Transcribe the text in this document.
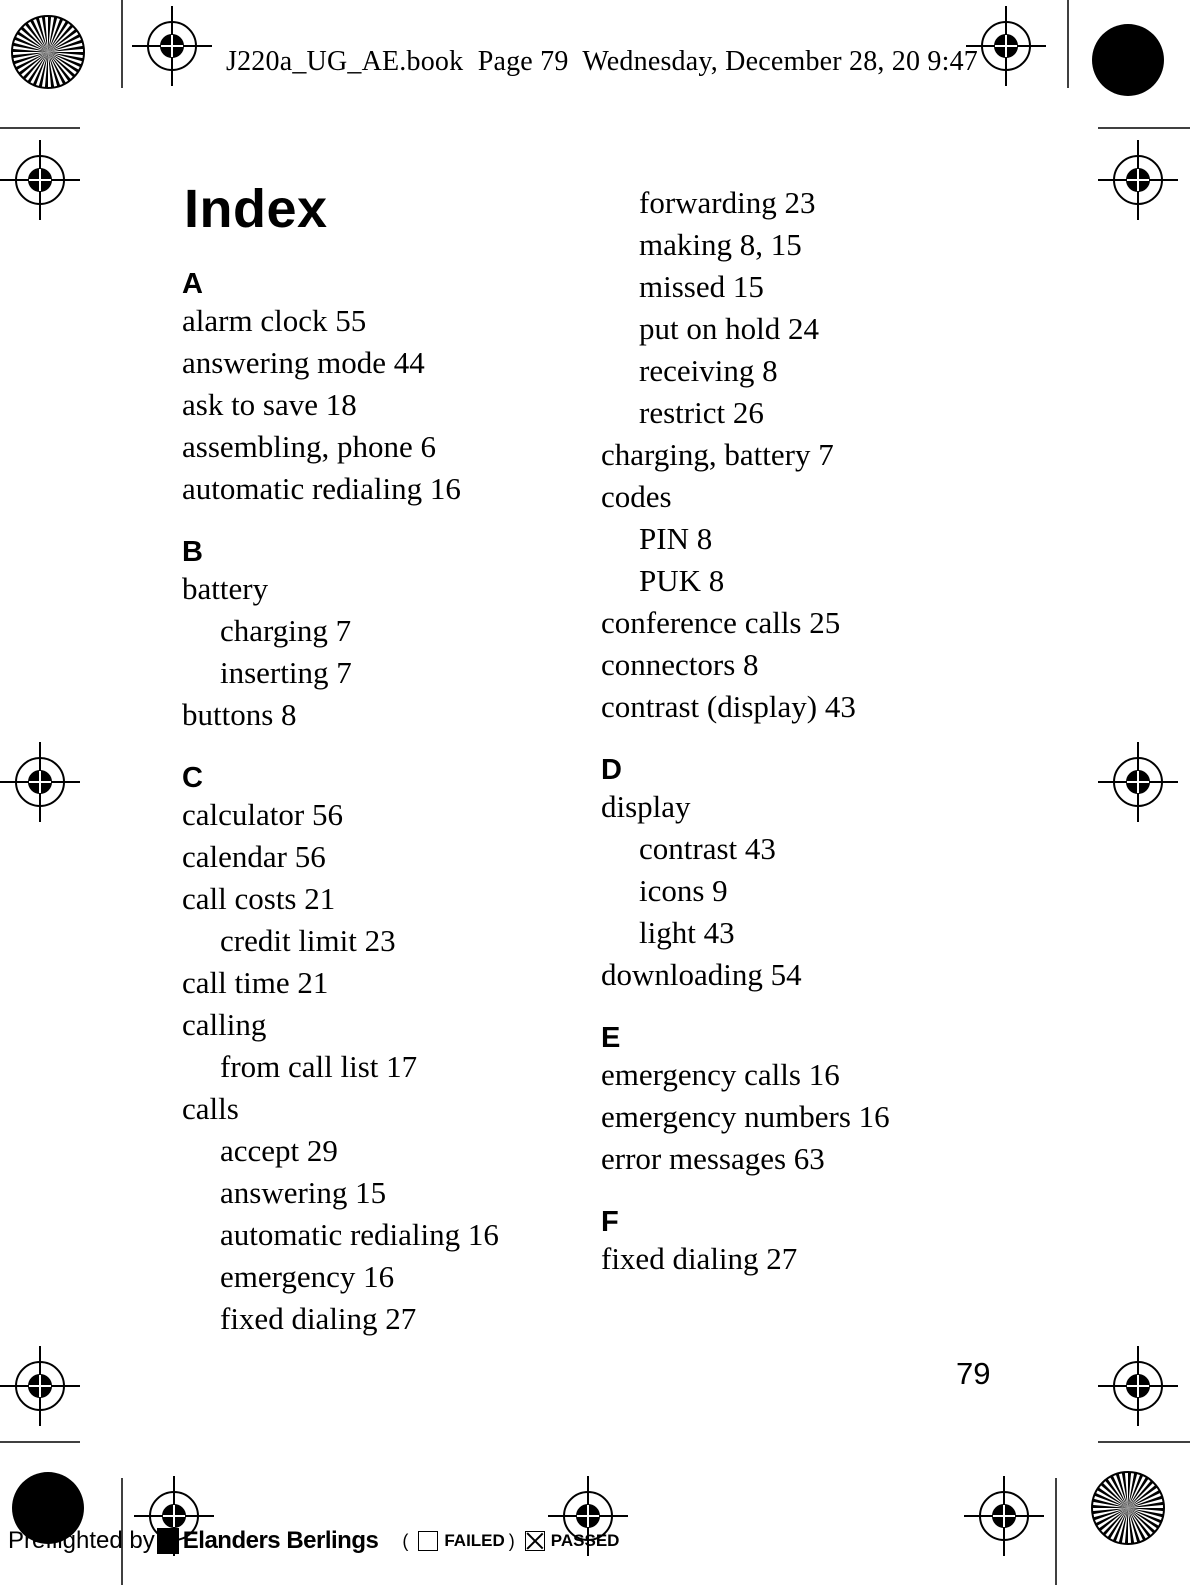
J220a_UG_AE.book  Page 79  Wednesday, December 28, 20 9:47
Index
A
alarm clock 55
answering mode 44
ask to save 18
assembling, phone 6
automatic redialing 16
B
battery
charging 7
inserting 7
buttons 8
C
calculator 56
calendar 56
call costs 21
credit limit 23
call time 21
calling
from call list 17
calls
accept 29
answering 15
automatic redialing 16
emergency 16
fixed dialing 27
forwarding 23
making 8, 15
missed 15
put on hold 24
receiving 8
restrict 26
charging, battery 7
codes
PIN 8
PUK 8
conference calls 25
connectors 8
contrast (display) 43
D
display
contrast 43
icons 9
light 43
downloading 54
E
emergency calls 16
emergency numbers 16
error messages 63
F
fixed dialing 27
79
Preflighted by Elanders Berlings ( FAILED ) PASSED
